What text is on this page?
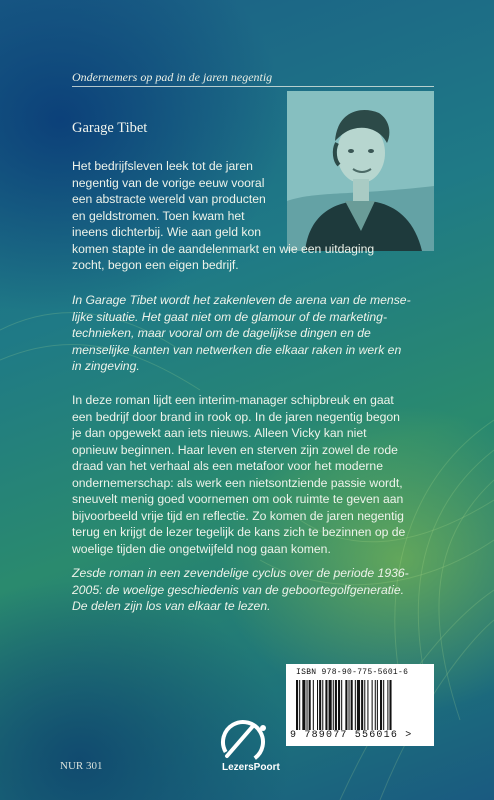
Ondernemers op pad in de jaren negentig
Garage Tibet
Het bedrijfsleven leek tot de jaren
negentig van de vorige eeuw vooral
een abstracte wereld van producten
en geldstromen. Toen kwam het
ineens dichterbij. Wie aan geld kon
komen stapte in de aandelenmarkt en wie een uitdaging
zocht, begon een eigen bedrijf.
In Garage Tibet wordt het zakenleven de arena van de mense-
lijke situatie. Het gaat niet om de glamour of de marketing-
technieken, maar vooral om de dagelijkse dingen en de
menselijke kanten van netwerken die elkaar raken in werk en
in zingeving.
In deze roman lijdt een interim-manager schipbreuk en gaat
een bedrijf door brand in rook op. In de jaren negentig begon
je dan opgewekt aan iets nieuws. Alleen Vicky kan niet
opnieuw beginnen. Haar leven en sterven zijn zowel de rode
draad van het verhaal als een metafoor voor het moderne
ondernemerschap: als werk een nietsontziende passie wordt,
sneuvelt menig goed voornemen om ook ruimte te geven aan
bijvoorbeeld vrije tijd en reflectie. Zo komen de jaren negentig
terug en krijgt de lezer tegelijk de kans zich te bezinnen op de
woelige tijden die ongetwijfeld nog gaan komen.
Zesde roman in een zevendelige cyclus over de periode 1936-
2005: de woelige geschiedenis van de geboortegolfgeneratie.
De delen zijn los van elkaar te lezen.
ISBN 978-90-775-5601-6
9 789077 556016 >
NUR 301	LezersPoort
